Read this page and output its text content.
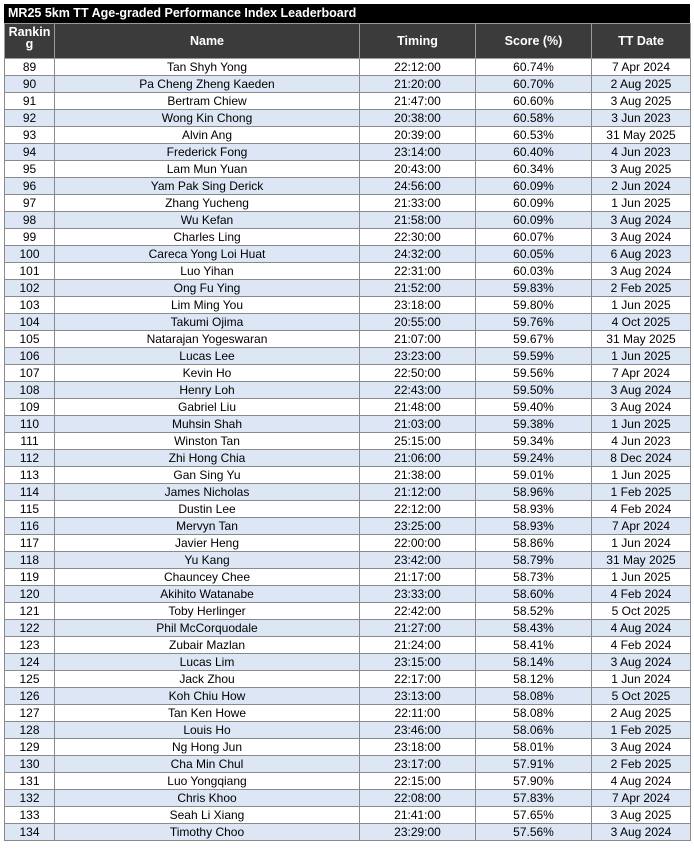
MR25 5km TT Age-graded Performance Index Leaderboard
Rankin g	Name	Timing	Score (%)	TT Date
89	Tan Shyh Yong	22:12:00	60.74%	7 Apr 2024
90	Pa Cheng Zheng Kaeden	21:20:00	60.70%	2 Aug 2025
91	Bertram Chiew	21:47:00	60.60%	3 Aug 2025
92	Wong Kin Chong	20:38:00	60.58%	3 Jun 2023
93	Alvin Ang	20:39:00	60.53%	31 May 2025
94	Frederick Fong	23:14:00	60.40%	4 Jun 2023
95	Lam Mun Yuan	20:43:00	60.34%	3 Aug 2025
96	Yam Pak Sing Derick	24:56:00	60.09%	2 Jun 2024
97	Zhang Yucheng	21:33:00	60.09%	1 Jun 2025
98	Wu Kefan	21:58:00	60.09%	3 Aug 2024
99	Charles Ling	22:30:00	60.07%	3 Aug 2024
100	Careca Yong Loi Huat	24:32:00	60.05%	6 Aug 2023
101	Luo Yihan	22:31:00	60.03%	3 Aug 2024
102	Ong Fu Ying	21:52:00	59.83%	2 Feb 2025
103	Lim Ming You	23:18:00	59.80%	1 Jun 2025
104	Takumi Ojima	20:55:00	59.76%	4 Oct 2025
105	Natarajan Yogeswaran	21:07:00	59.67%	31 May 2025
106	Lucas Lee	23:23:00	59.59%	1 Jun 2025
107	Kevin Ho	22:50:00	59.56%	7 Apr 2024
108	Henry Loh	22:43:00	59.50%	3 Aug 2024
109	Gabriel Liu	21:48:00	59.40%	3 Aug 2024
110	Muhsin Shah	21:03:00	59.38%	1 Jun 2025
111	Winston Tan	25:15:00	59.34%	4 Jun 2023
112	Zhi Hong Chia	21:06:00	59.24%	8 Dec 2024
113	Gan Sing Yu	21:38:00	59.01%	1 Jun 2025
114	James Nicholas	21:12:00	58.96%	1 Feb 2025
115	Dustin Lee	22:12:00	58.93%	4 Feb 2024
116	Mervyn Tan	23:25:00	58.93%	7 Apr 2024
117	Javier Heng	22:00:00	58.86%	1 Jun 2024
118	Yu Kang	23:42:00	58.79%	31 May 2025
119	Chauncey Chee	21:17:00	58.73%	1 Jun 2025
120	Akihito Watanabe	23:33:00	58.60%	4 Feb 2024
121	Toby Herlinger	22:42:00	58.52%	5 Oct 2025
122	Phil McCorquodale	21:27:00	58.43%	4 Aug 2024
123	Zubair Mazlan	21:24:00	58.41%	4 Feb 2024
124	Lucas Lim	23:15:00	58.14%	3 Aug 2024
125	Jack Zhou	22:17:00	58.12%	1 Jun 2024
126	Koh Chiu How	23:13:00	58.08%	5 Oct 2025
127	Tan Ken Howe	22:11:00	58.08%	2 Aug 2025
128	Louis Ho	23:46:00	58.06%	1 Feb 2025
129	Ng Hong Jun	23:18:00	58.01%	3 Aug 2024
130	Cha Min Chul	23:17:00	57.91%	2 Feb 2025
131	Luo Yongqiang	22:15:00	57.90%	4 Aug 2024
132	Chris Khoo	22:08:00	57.83%	7 Apr 2024
133	Seah Li Xiang	21:41:00	57.65%	3 Aug 2025
134	Timothy Choo	23:29:00	57.56%	3 Aug 2024
